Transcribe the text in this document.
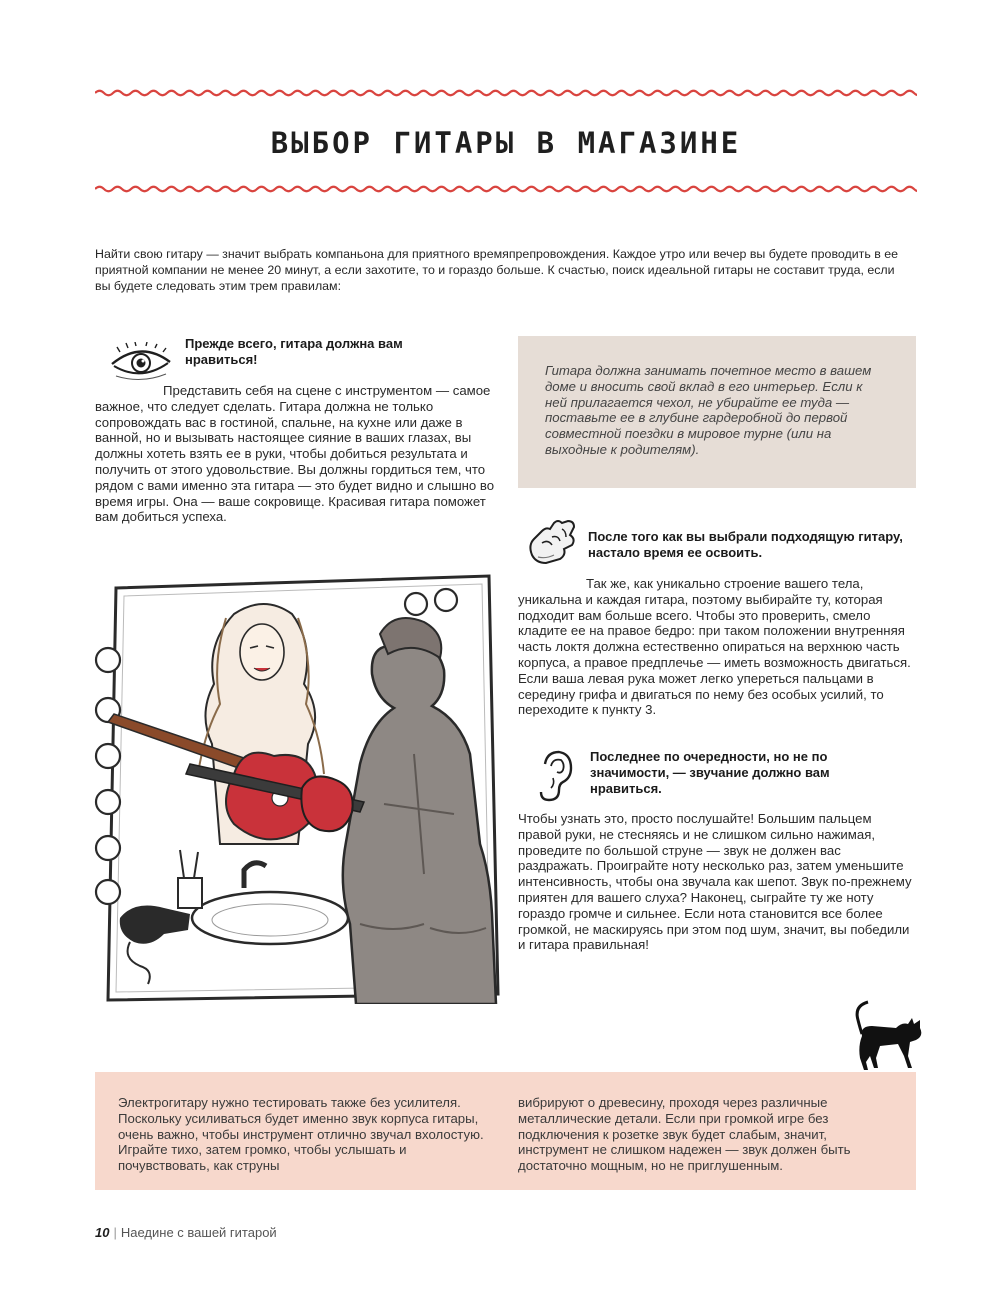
ВЫБОР ГИТАРЫ В МАГАЗИНЕ

Найти свою гитару — значит выбрать компаньона для приятного времяпрепровождения. Каждое утро или вечер вы будете проводить в ее приятной компании не менее 20 минут, а если захотите, то и гораздо больше. К счастью, поиск идеальной гитары не составит труда, если вы будете следовать этим трем правилам:

Прежде всего, гитара должна вам нравиться!

Представить себя на сцене с инструментом — самое важное, что следует сделать. Гитара должна не только сопровождать вас в гостиной, спальне, на кухне или даже в ванной, но и вызывать настоящее сияние в ваших глазах, вы должны хотеть взять ее в руки, чтобы добиться результата и получить от этого удовольствие. Вы должны гордиться тем, что рядом с вами именно эта гитара — это будет видно и слышно во время игры. Она — ваше сокровище. Красивая гитара поможет вам добиться успеха.

Гитара должна занимать почетное место в вашем доме и вносить свой вклад в его интерьер. Если к ней прилагается чехол, не убирайте ее туда — поставьте ее в глубине гардеробной до первой совместной поездки в мировое турне (или на выходные к родителям).

После того как вы выбрали подходящую гитару, настало время ее освоить.

Так же, как уникально строение вашего тела, уникальна и каждая гитара, поэтому выбирайте ту, которая подходит вам больше всего. Чтобы это проверить, смело кладите ее на правое бедро: при таком положении внутренняя часть локтя должна естественно опираться на верхнюю часть корпуса, а правое предплечье — иметь возможность двигаться. Если ваша левая рука может легко упереться пальцами в середину грифа и двигаться по нему без особых усилий, то переходите к пункту 3.

Последнее по очередности, но не по значимости, — звучание должно вам нравиться.

Чтобы узнать это, просто послушайте! Большим пальцем правой руки, не стесняясь и не слишком сильно нажимая, проведите по большой струне — звук не должен вас раздражать. Проиграйте ноту несколько раз, затем уменьшите интенсивность, чтобы она звучала как шепот. Звук по-прежнему приятен для вашего слуха? Наконец, сыграйте ту же ноту гораздо громче и сильнее. Если нота становится все более громкой, не маскируясь при этом под шум, значит, вы победили и гитара правильная!

Электрогитару нужно тестировать также без усилителя. Поскольку усиливаться будет именно звук корпуса гитары, очень важно, чтобы инструмент отлично звучал вхолостую. Играйте тихо, затем громко, чтобы услышать и почувствовать, как струны

вибрируют о древесину, проходя через различные металлические детали. Если при громкой игре без подключения к розетке звук будет слабым, значит, инструмент не слишком надежен — звук должен быть достаточно мощным, но не приглушенным.

10 | Наедине с вашей гитарой
